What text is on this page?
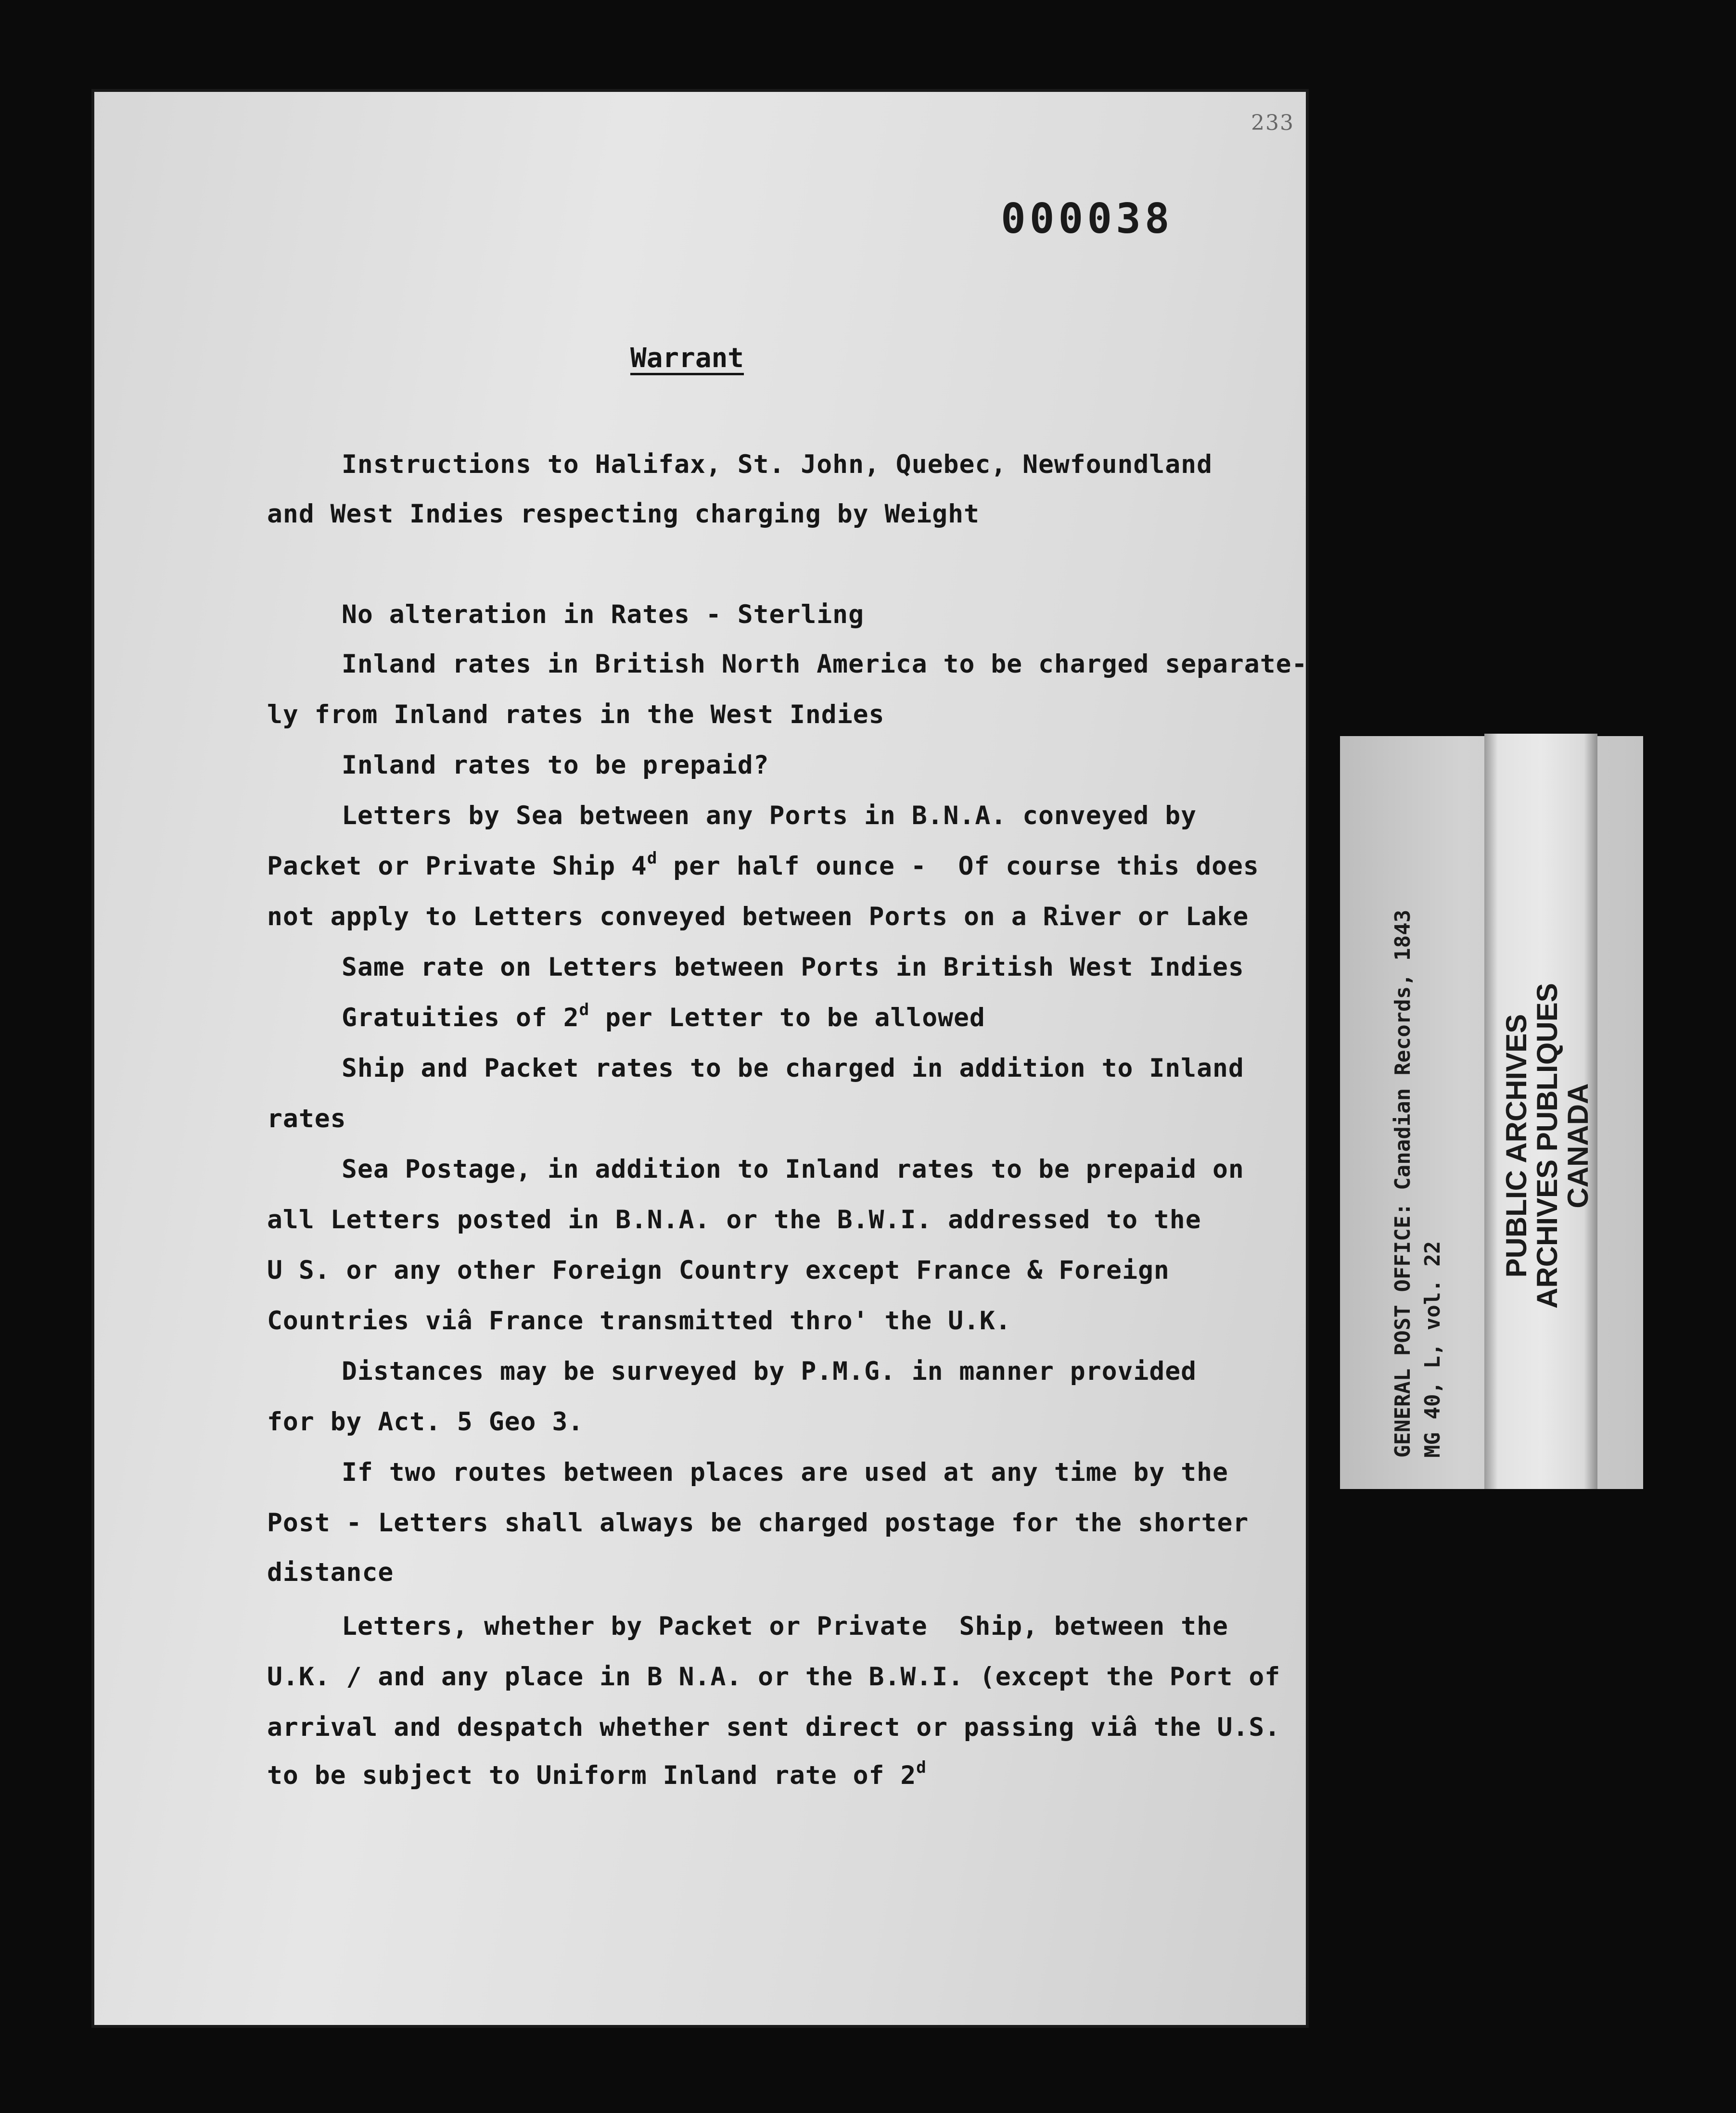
233
000038
Warrant
Instructions to Halifax, St. John, Quebec, Newfoundland
and West Indies respecting charging by Weight
No alteration in Rates - Sterling
Inland rates in British North America to be charged separate-
ly from Inland rates in the West Indies
Inland rates to be prepaid?
Letters by Sea between any Ports in B.N.A. conveyed by
Packet or Private Ship 4$^d$ per half ounce -  Of course this does
not apply to Letters conveyed between Ports on a River or Lake
Same rate on Letters between Ports in British West Indies
Gratuities of 2$^d$ per Letter to be allowed
Ship and Packet rates to be charged in addition to Inland
rates
Sea Postage, in addition to Inland rates to be prepaid on
all Letters posted in B.N.A. or the B.W.I. addressed to the
U S. or any other Foreign Country except France & Foreign
Countries viâ France transmitted thro' the U.K.
Distances may be surveyed by P.M.G. in manner provided
for by Act. 5 Geo 3.
If two routes between places are used at any time by the
Post - Letters shall always be charged postage for the shorter
distance
Letters, whether by Packet or Private  Ship, between the
U.K. / and any place in B N.A. or the B.W.I. (except the Port of
arrival and despatch whether sent direct or passing viâ the U.S.
to be subject to Uniform Inland rate of 2$^d$
GENERAL POST OFFICE: Canadian Records, 1843 MG 40, L, vol. 22
PUBLIC ARCHIVES
ARCHIVES PUBLIQUES
CANADA
